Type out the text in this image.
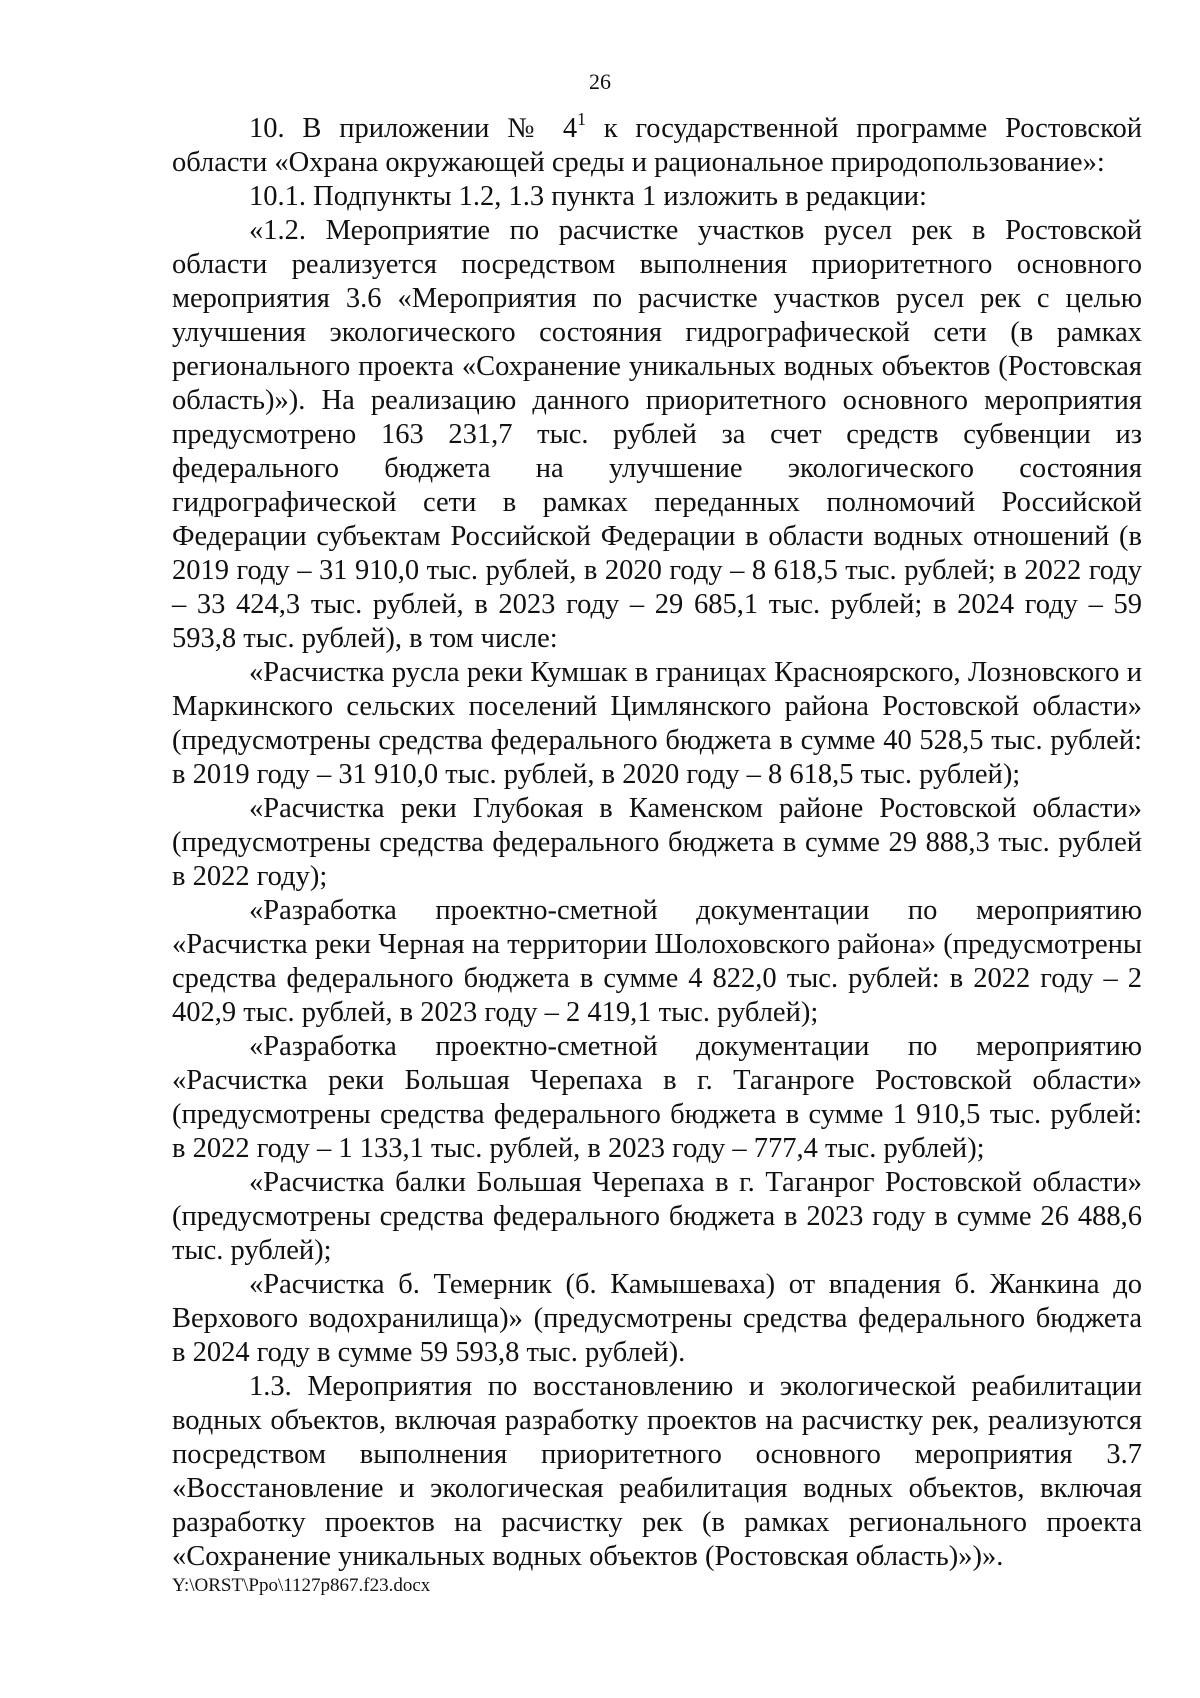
26

10. В приложении № $4^1$ к государственной программе Ростовской области «Охрана окружающей среды и рациональное природопользование»:

10.1. Подпункты 1.2, 1.3 пункта 1 изложить в редакции:

«1.2. Мероприятие по расчистке участков русел рек в Ростовской области реализуется посредством выполнения приоритетного основного мероприятия 3.6 «Мероприятия по расчистке участков русел рек с целью улучшения экологического состояния гидрографической сети (в рамках регионального проекта «Сохранение уникальных водных объектов (Ростовская область)»). На реализацию данного приоритетного основного мероприятия предусмотрено 163 231,7 тыс. рублей за счет средств субвенции из федерального бюджета на улучшение экологического состояния гидрографической сети в рамках переданных полномочий Российской Федерации субъектам Российской Федерации в области водных отношений (в 2019 году – 31 910,0 тыс. рублей, в 2020 году – 8 618,5 тыс. рублей; в 2022 году – 33 424,3 тыс. рублей, в 2023 году – 29 685,1 тыс. рублей; в 2024 году – 59 593,8 тыс. рублей), в том числе:

«Расчистка русла реки Кумшак в границах Красноярского, Лозновского и Маркинского сельских поселений Цимлянского района Ростовской области» (предусмотрены средства федерального бюджета в сумме 40 528,5 тыс. рублей: в 2019 году – 31 910,0 тыс. рублей, в 2020 году – 8 618,5 тыс. рублей);

«Расчистка реки Глубокая в Каменском районе Ростовской области» (предусмотрены средства федерального бюджета в сумме 29 888,3 тыс. рублей в 2022 году);

«Разработка проектно-сметной документации по мероприятию «Расчистка реки Черная на территории Шолоховского района» (предусмотрены средства федерального бюджета в сумме 4 822,0 тыс. рублей: в 2022 году – 2 402,9 тыс. рублей, в 2023 году – 2 419,1 тыс. рублей);

«Разработка проектно-сметной документации по мероприятию «Расчистка реки Большая Черепаха в г. Таганроге Ростовской области» (предусмотрены средства федерального бюджета в сумме 1 910,5 тыс. рублей: в 2022 году – 1 133,1 тыс. рублей, в 2023 году – 777,4 тыс. рублей);

«Расчистка балки Большая Черепаха в г. Таганрог Ростовской области» (предусмотрены средства федерального бюджета в 2023 году в сумме 26 488,6 тыс. рублей);

«Расчистка б. Темерник (б. Камышеваха) от впадения б. Жанкина до Верхового водохранилища)» (предусмотрены средства федерального бюджета в 2024 году в сумме 59 593,8 тыс. рублей).

1.3. Мероприятия по восстановлению и экологической реабилитации водных объектов, включая разработку проектов на расчистку рек, реализуются посредством выполнения приоритетного основного мероприятия 3.7 «Восстановление и экологическая реабилитация водных объектов, включая разработку проектов на расчистку рек (в рамках регионального проекта «Сохранение уникальных водных объектов (Ростовская область)»)».

Y:\ORST\Ppo\1127p867.f23.docx
